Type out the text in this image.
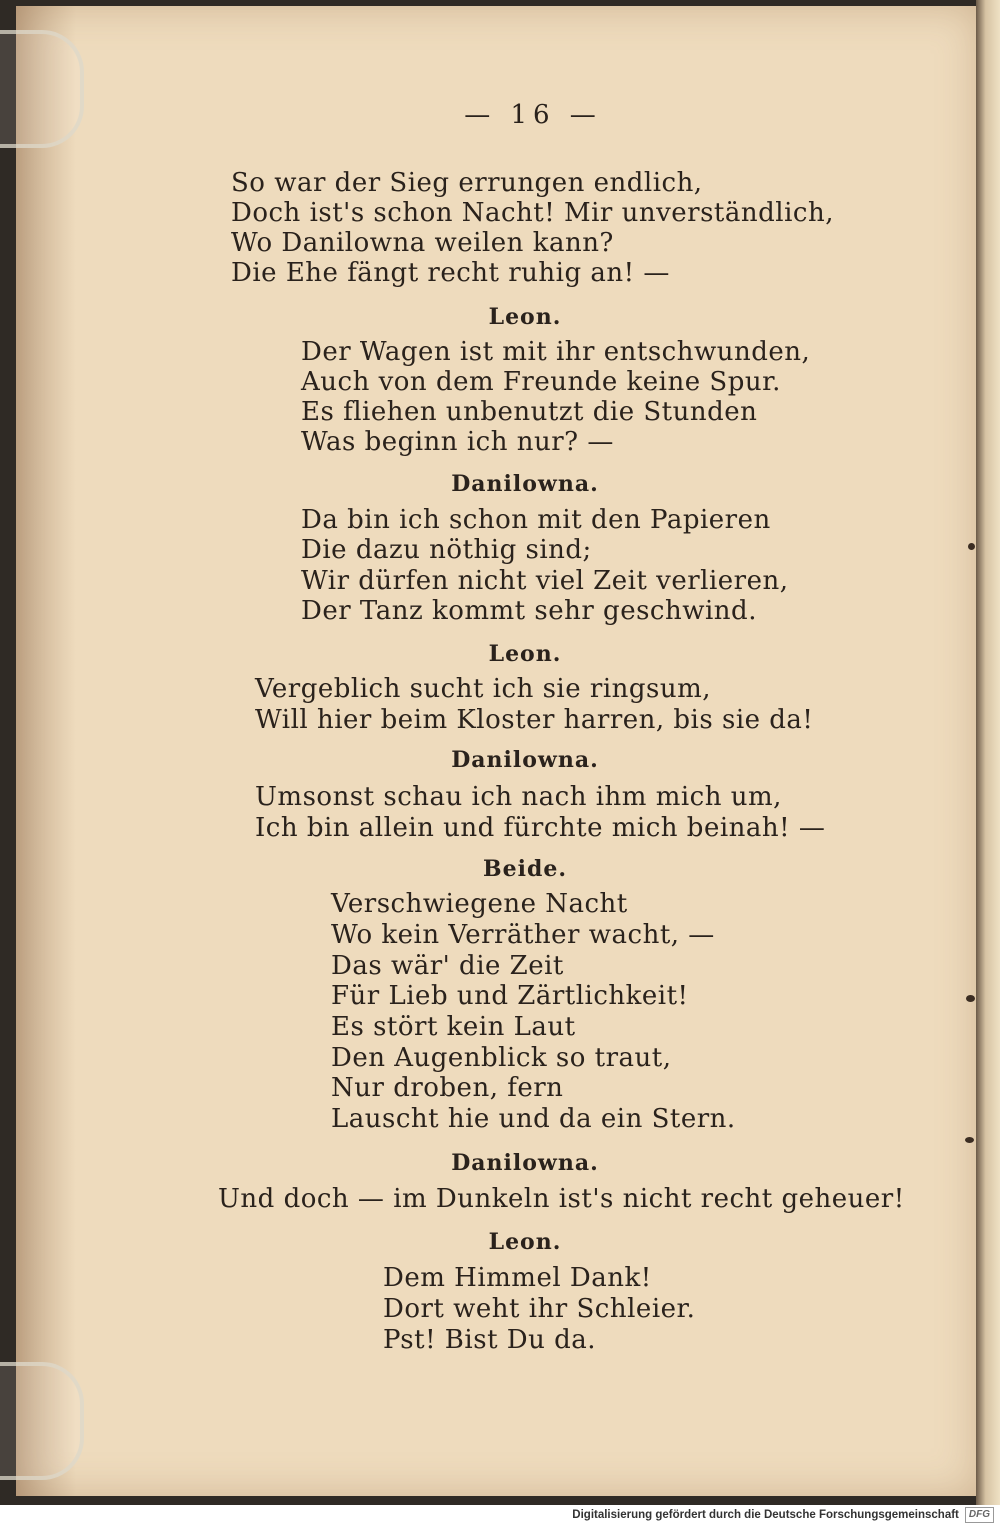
— 16 —
So war der Sieg errungen endlich,
Doch ist's schon Nacht! Mir unverständlich,
Wo Danilowna weilen kann?
Die Ehe fängt recht ruhig an! —
Leon.
Der Wagen ist mit ihr entschwunden,
Auch von dem Freunde keine Spur.
Es fliehen unbenutzt die Stunden
Was beginn ich nur? —
Danilowna.
Da bin ich schon mit den Papieren
Die dazu nöthig sind;
Wir dürfen nicht viel Zeit verlieren,
Der Tanz kommt sehr geschwind.
Leon.
Vergeblich sucht ich sie ringsum,
Will hier beim Kloster harren, bis sie da!
Danilowna.
Umsonst schau ich nach ihm mich um,
Ich bin allein und fürchte mich beinah! —
Beide.
Verschwiegene Nacht
Wo kein Verräther wacht, —
Das wär' die Zeit
Für Lieb und Zärtlichkeit!
Es stört kein Laut
Den Augenblick so traut,
Nur droben, fern
Lauscht hie und da ein Stern.
Danilowna.
Und doch — im Dunkeln ist's nicht recht geheuer!
Leon.
Dem Himmel Dank!
Dort weht ihr Schleier.
Pst! Bist Du da.
Digitalisierung gefördert durch die Deutsche Forschungsgemeinschaft	DFG
